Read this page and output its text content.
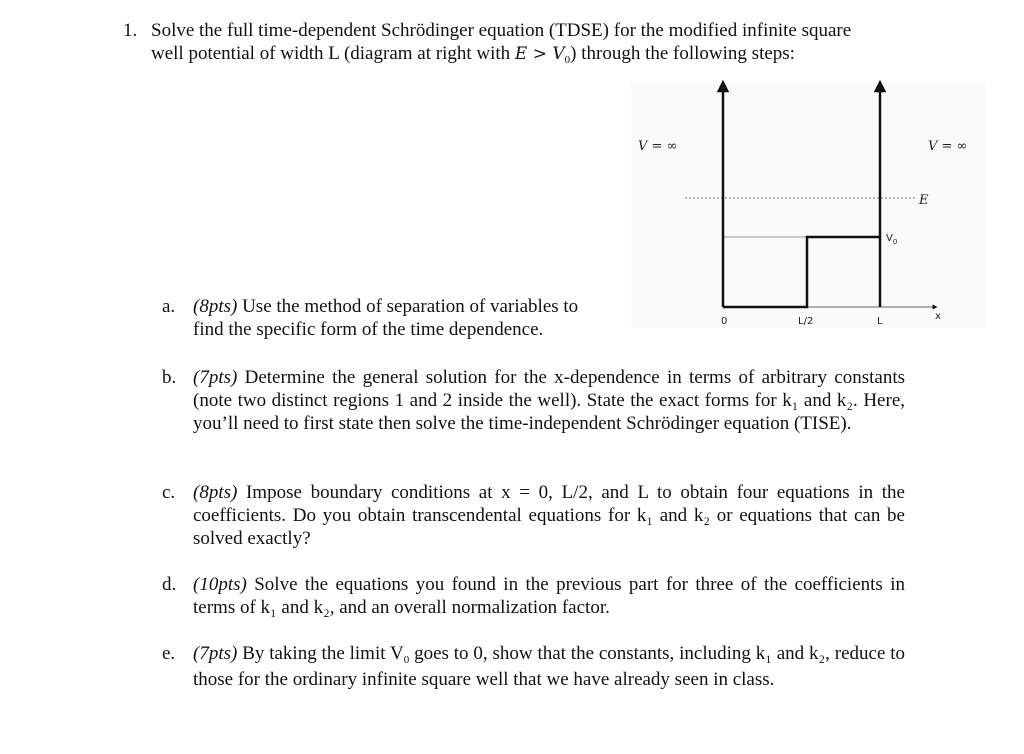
1. Solve the full time-dependent Schrödinger equation (TDSE) for the modified infinite square
well potential of width L (diagram at right with $E > V_0$) through the following steps:
V = ∞	V = ∞
E
$V_0$
0	L/2	L	x
a. (8pts) Use the method of separation of variables to
find the specific form of the time dependence.
b. (7pts) Determine the general solution for the x-dependence in terms of arbitrary constants (note two distinct regions 1 and 2 inside the well). State the exact forms for k₁ and k₂. Here, you’ll need to first state then solve the time-independent Schrödinger equation (TISE).
c. (8pts) Impose boundary conditions at x = 0, L/2, and L to obtain four equations in the coefficients. Do you obtain transcendental equations for k₁ and k₂ or equations that can be solved exactly?
d. (10pts) Solve the equations you found in the previous part for three of the coefficients in terms of k₁ and k₂, and an overall normalization factor.
e. (7pts) By taking the limit $V_0$ goes to 0, show that the constants, including k₁ and k₂, reduce to those for the ordinary infinite square well that we have already seen in class.
